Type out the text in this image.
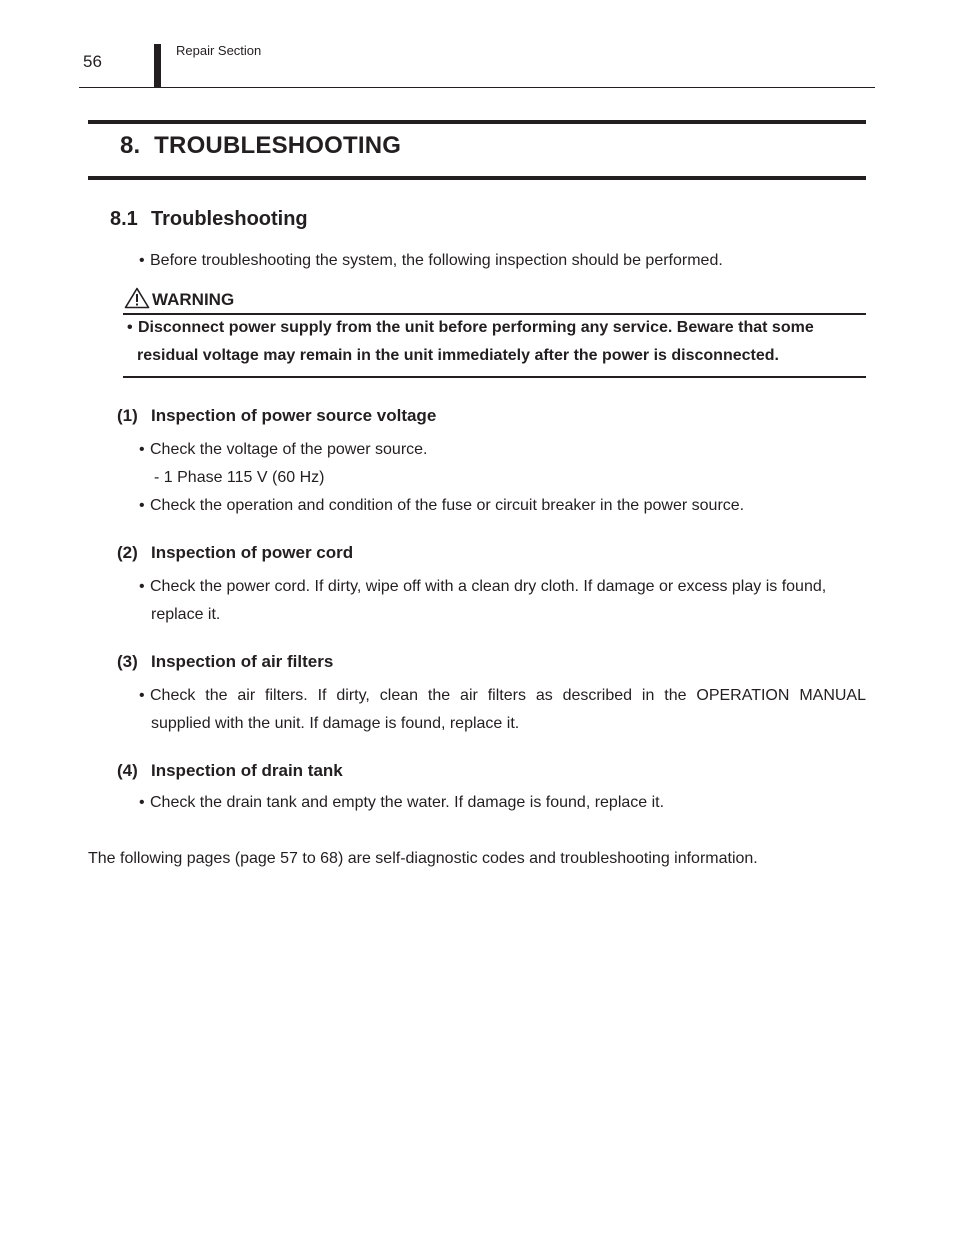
56
Repair Section
8. TROUBLESHOOTING
8.1 Troubleshooting
• Before troubleshooting the system, the following inspection should be performed.
WARNING
• Disconnect power supply from the unit before performing any service. Beware that some
residual voltage may remain in the unit immediately after the power is disconnected.
(1) Inspection of power source voltage
• Check the voltage of the power source.
- 1 Phase 115 V (60 Hz)
• Check the operation and condition of the fuse or circuit breaker in the power source.
(2) Inspection of power cord
• Check the power cord. If dirty, wipe off with a clean dry cloth. If damage or excess play is found,
replace it.
(3) Inspection of air filters
• Check the air filters. If dirty, clean the air filters as described in the OPERATION MANUAL
supplied with the unit. If damage is found, replace it.
(4) Inspection of drain tank
• Check the drain tank and empty the water. If damage is found, replace it.
The following pages (page 57 to 68) are self-diagnostic codes and troubleshooting information.
